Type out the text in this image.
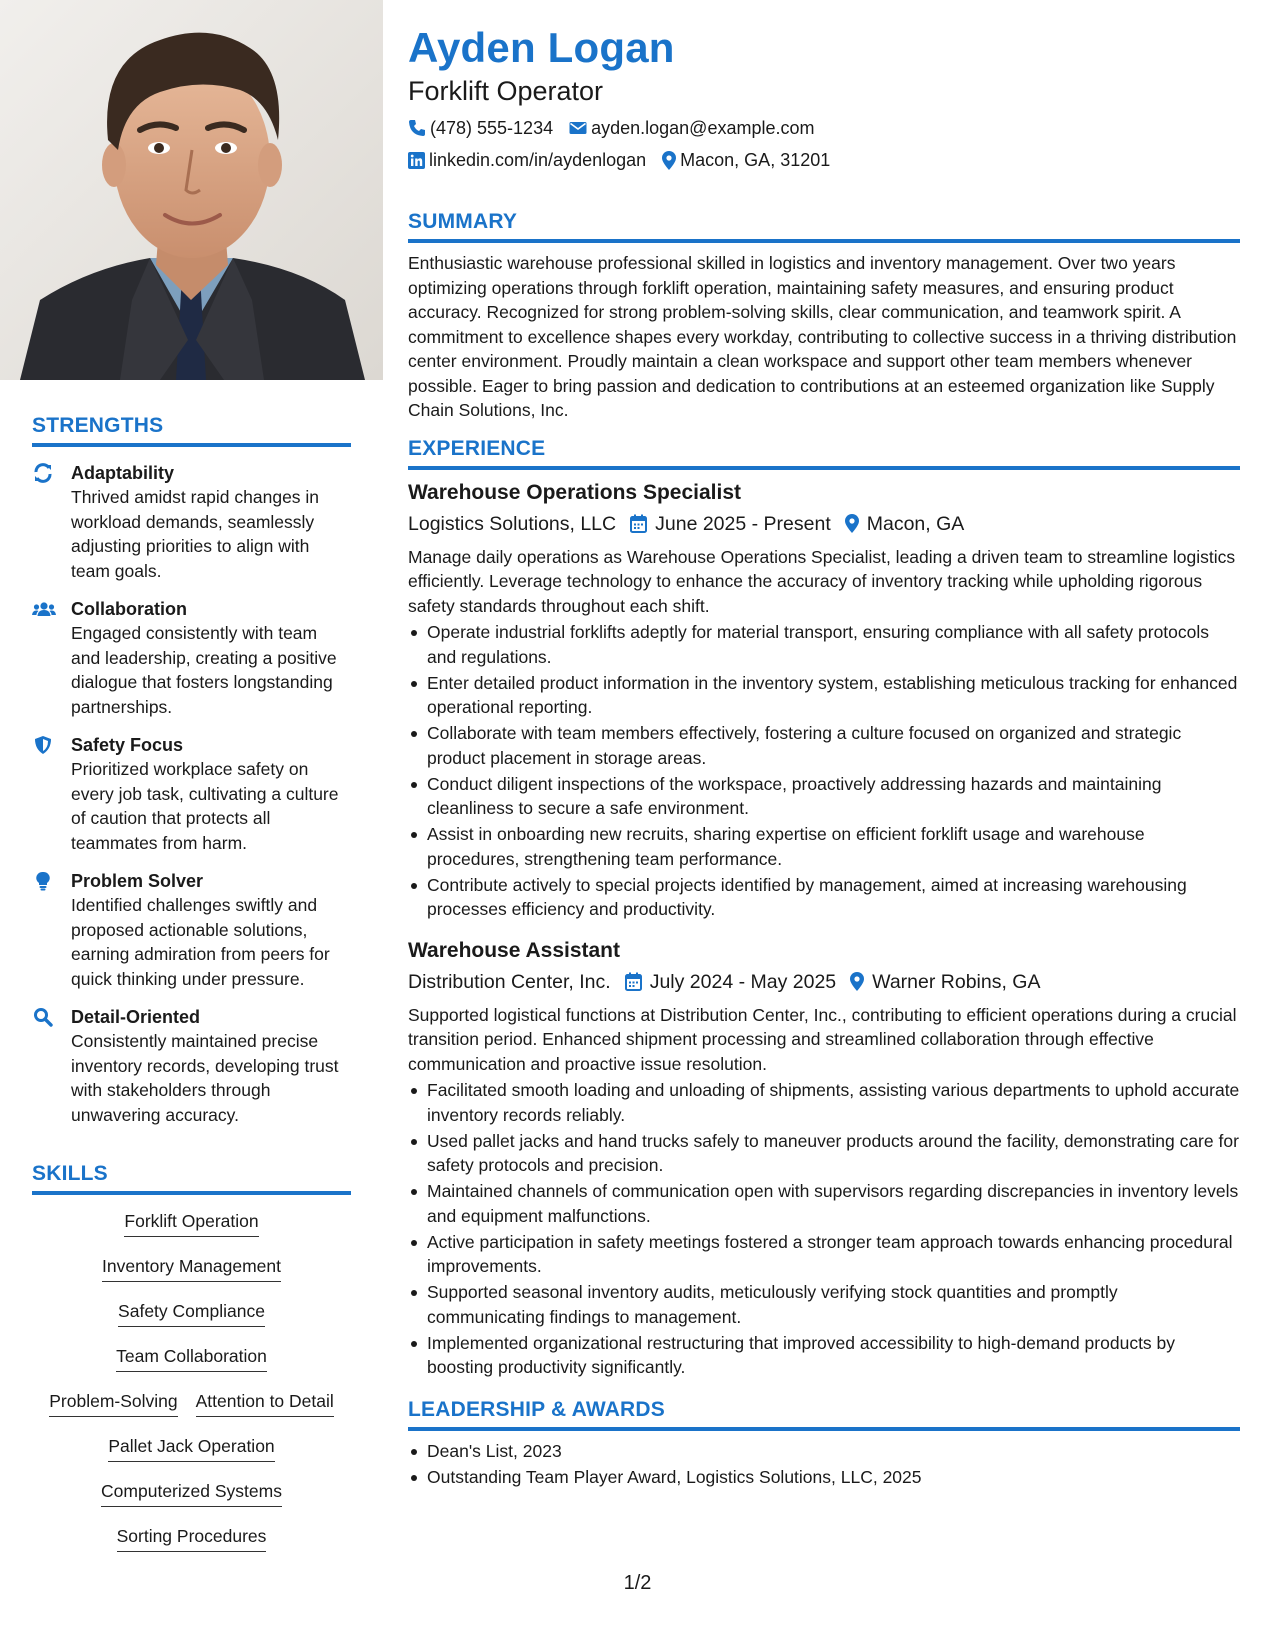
STRENGTHS
Adaptability
Thrived amidst rapid changes in workload demands, seamlessly adjusting priorities to align with team goals.
Collaboration
Engaged consistently with team and leadership, creating a positive dialogue that fosters longstanding partnerships.
Safety Focus
Prioritized workplace safety on every job task, cultivating a culture of caution that protects all teammates from harm.
Problem Solver
Identified challenges swiftly and proposed actionable solutions, earning admiration from peers for quick thinking under pressure.
Detail-Oriented
Consistently maintained precise inventory records, developing trust with stakeholders through unwavering accuracy.
SKILLS
Forklift Operation
Inventory Management
Safety Compliance
Team Collaboration
Problem-Solving Attention to Detail
Pallet Jack Operation
Computerized Systems
Sorting Procedures
Ayden Logan
Forklift Operator
(478) 555-1234 ayden.logan@example.com
linkedin.com/in/aydenlogan Macon, GA, 31201
SUMMARY
Enthusiastic warehouse professional skilled in logistics and inventory management. Over two years optimizing operations through forklift operation, maintaining safety measures, and ensuring product accuracy. Recognized for strong problem-solving skills, clear communication, and teamwork spirit. A commitment to excellence shapes every workday, contributing to collective success in a thriving distribution center environment. Proudly maintain a clean workspace and support other team members whenever possible. Eager to bring passion and dedication to contributions at an esteemed organization like Supply Chain Solutions, Inc.
EXPERIENCE
Warehouse Operations Specialist
Logistics Solutions, LLC June 2025 - Present Macon, GA
Manage daily operations as Warehouse Operations Specialist, leading a driven team to streamline logistics efficiently. Leverage technology to enhance the accuracy of inventory tracking while upholding rigorous safety standards throughout each shift.
Operate industrial forklifts adeptly for material transport, ensuring compliance with all safety protocols and regulations.
Enter detailed product information in the inventory system, establishing meticulous tracking for enhanced operational reporting.
Collaborate with team members effectively, fostering a culture focused on organized and strategic product placement in storage areas.
Conduct diligent inspections of the workspace, proactively addressing hazards and maintaining cleanliness to secure a safe environment.
Assist in onboarding new recruits, sharing expertise on efficient forklift usage and warehouse procedures, strengthening team performance.
Contribute actively to special projects identified by management, aimed at increasing warehousing processes efficiency and productivity.
Warehouse Assistant
Distribution Center, Inc. July 2024 - May 2025 Warner Robins, GA
Supported logistical functions at Distribution Center, Inc., contributing to efficient operations during a crucial transition period. Enhanced shipment processing and streamlined collaboration through effective communication and proactive issue resolution.
Facilitated smooth loading and unloading of shipments, assisting various departments to uphold accurate inventory records reliably.
Used pallet jacks and hand trucks safely to maneuver products around the facility, demonstrating care for safety protocols and precision.
Maintained channels of communication open with supervisors regarding discrepancies in inventory levels and equipment malfunctions.
Active participation in safety meetings fostered a stronger team approach towards enhancing procedural improvements.
Supported seasonal inventory audits, meticulously verifying stock quantities and promptly communicating findings to management.
Implemented organizational restructuring that improved accessibility to high-demand products by boosting productivity significantly.
LEADERSHIP & AWARDS
Dean's List, 2023
Outstanding Team Player Award, Logistics Solutions, LLC, 2025
1/2
